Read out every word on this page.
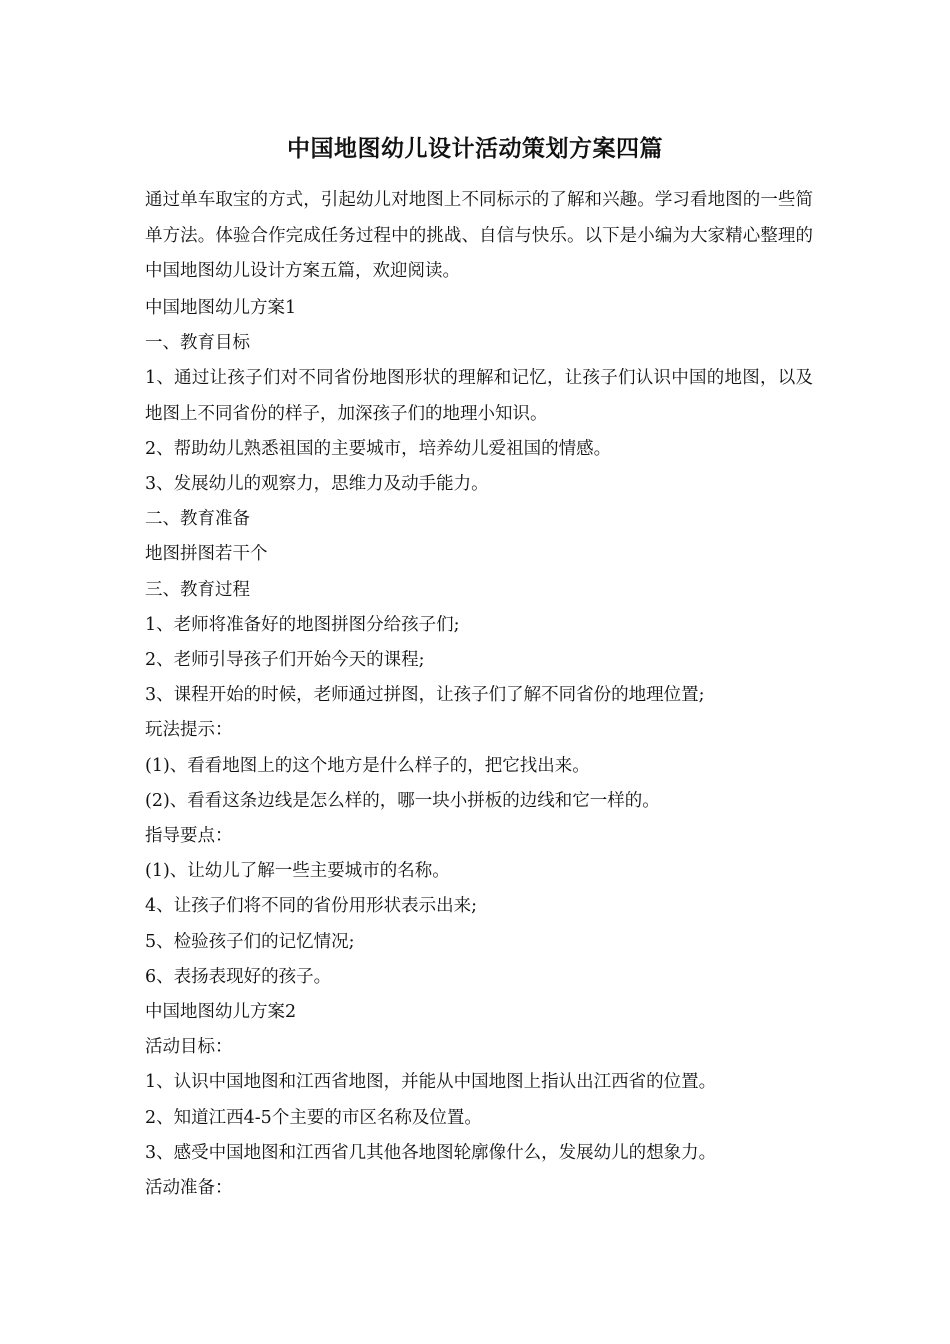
中国地图幼儿设计活动策划方案四篇
通过单车取宝的方式，引起幼儿对地图上不同标示的了解和兴趣。学习看地图的一些简单方法。体验合作完成任务过程中的挑战、自信与快乐。以下是小编为大家精心整理的中国地图幼儿设计方案五篇，欢迎阅读。
中国地图幼儿方案1
一、教育目标
1、通过让孩子们对不同省份地图形状的理解和记忆，让孩子们认识中国的地图，以及地图上不同省份的样子，加深孩子们的地理小知识。
2、帮助幼儿熟悉祖国的主要城市，培养幼儿爱祖国的情感。
3、发展幼儿的观察力，思维力及动手能力。
二、教育准备
地图拼图若干个
三、教育过程
1、老师将准备好的地图拼图分给孩子们;
2、老师引导孩子们开始今天的课程;
3、课程开始的时候，老师通过拼图，让孩子们了解不同省份的地理位置;
玩法提示：
(1)、看看地图上的这个地方是什么样子的，把它找出来。
(2)、看看这条边线是怎么样的，哪一块小拼板的边线和它一样的。
指导要点：
(1)、让幼儿了解一些主要城市的名称。
4、让孩子们将不同的省份用形状表示出来;
5、检验孩子们的记忆情况;
6、表扬表现好的孩子。
中国地图幼儿方案2
活动目标：
1、认识中国地图和江西省地图，并能从中国地图上指认出江西省的位置。
2、知道江西4-5个主要的市区名称及位置。
3、感受中国地图和江西省几其他各地图轮廓像什么，发展幼儿的想象力。
活动准备：
